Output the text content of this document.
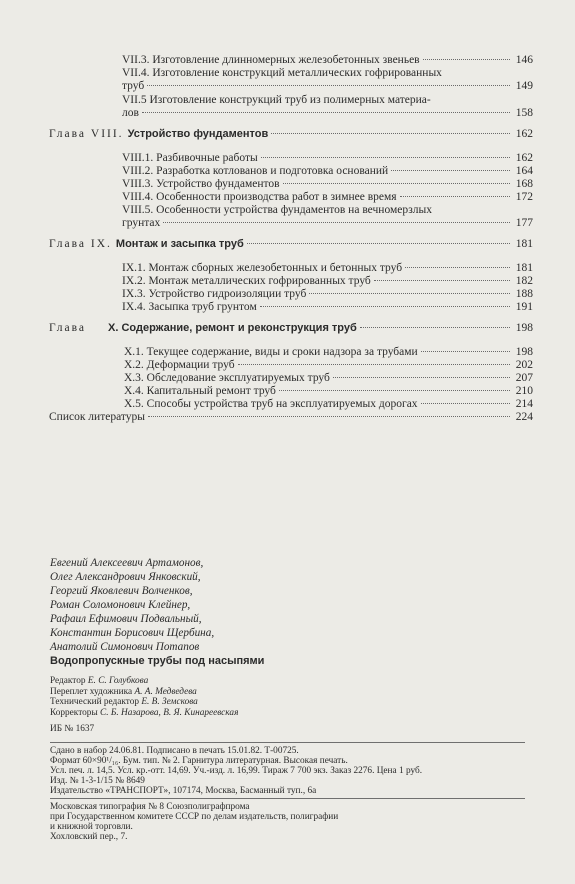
VII.3. Изготовление длинномерных железобетонных звеньев	146
VII.4. Изготовление конструкций металлических гофрированных
труб	149
VII.5 Изготовление конструкций труб из полимерных материа-
лов	158
Глава VIII. Устройство фундаментов	162
VIII.1. Разбивочные работы	162
VIII.2. Разработка котлованов и подготовка оснований	164
VIII.3. Устройство фундаментов	168
VIII.4. Особенности производства работ в зимнее время	172
VIII.5. Особенности устройства фундаментов на вечномерзлых
грунтах	177
Глава IX. Монтаж и засыпка труб	181
IX.1. Монтаж сборных железобетонных и бетонных труб	181
IX.2. Монтаж металлических гофрированных труб	182
IX.3. Устройство гидроизоляции труб	188
IX.4. Засыпка труб грунтом	191
Глава X. Содержание, ремонт и реконструкция труб	198
X.1. Текущее содержание, виды и сроки надзора за трубами	198
X.2. Деформации труб	202
X.3. Обследование эксплуатируемых труб	207
X.4. Капитальный ремонт труб	210
X.5. Способы устройства труб на эксплуатируемых дорогах	214
Список литературы	224
Евгений Алексеевич Артамонов,
Олег Александрович Янковский,
Георгий Яковлевич Волченков,
Роман Соломонович Клейнер,
Рафаил Ефимович Подвальный,
Константин Борисович Щербина,
Анатолий Симонович Потапов
Водопропускные трубы под насыпями
Редактор Е. С. Голубкова
Переплет художника А. А. Медведева
Технический редактор Е. В. Земскова
Корректоры С. Б. Назарова, В. Я. Кинареевская
ИБ № 1637
Сдано в набор 24.06.81. Подписано в печать 15.01.82. Т-00725.
Формат 60×90¹/₁₆. Бум. тип. № 2. Гарнитура литературная. Высокая печать.
Усл. печ. л. 14,5. Усл. кр.-отт. 14,69. Уч.-изд. л. 16,99. Тираж 7 700 экз. Заказ 2276. Цена 1 руб.
Изд. № 1-3-1/15 № 8649
Издательство «ТРАНСПОРТ», 107174, Москва, Басманный туп., 6а
Московская типография № 8 Союзполиграфпрома
при Государственном комитете СССР по делам издательств, полиграфии
и книжной торговли.
Хохловский пер., 7.
